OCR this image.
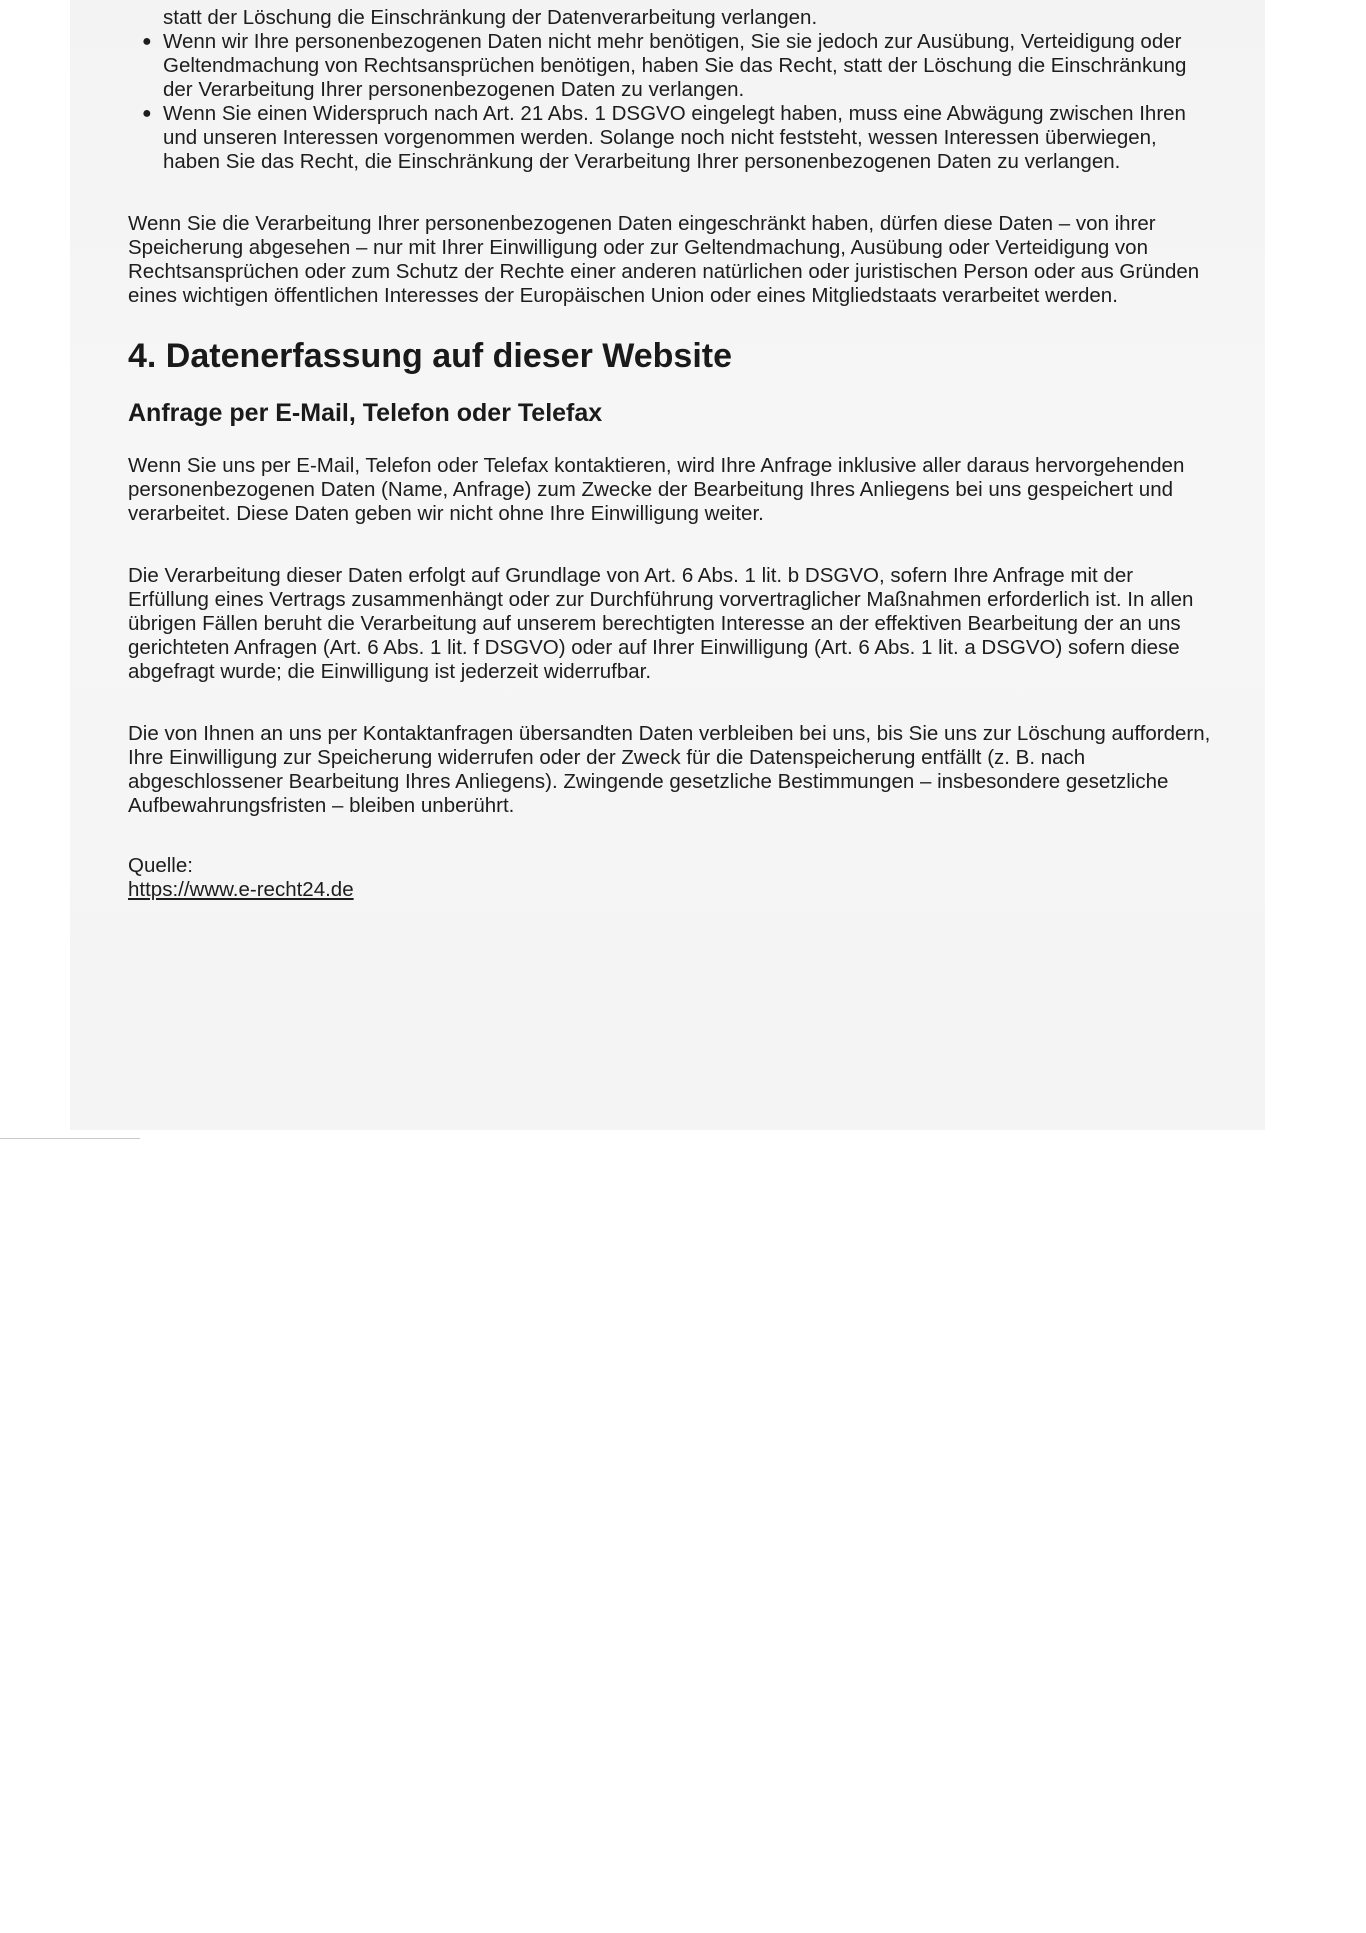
statt der Löschung die Einschränkung der Datenverarbeitung verlangen.

● Wenn wir Ihre personenbezogenen Daten nicht mehr benötigen, Sie sie jedoch zur Ausübung, Verteidigung oder Geltendmachung von Rechtsansprüchen benötigen, haben Sie das Recht, statt der Löschung die Einschränkung der Verarbeitung Ihrer personenbezogenen Daten zu verlangen.
● Wenn Sie einen Widerspruch nach Art. 21 Abs. 1 DSGVO eingelegt haben, muss eine Abwägung zwischen Ihren und unseren Interessen vorgenommen werden. Solange noch nicht feststeht, wessen Interessen überwiegen, haben Sie das Recht, die Einschränkung der Verarbeitung Ihrer personenbezogenen Daten zu verlangen.

Wenn Sie die Verarbeitung Ihrer personenbezogenen Daten eingeschränkt haben, dürfen diese Daten – von ihrer Speicherung abgesehen – nur mit Ihrer Einwilligung oder zur Geltendmachung, Ausübung oder Verteidigung von Rechtsansprüchen oder zum Schutz der Rechte einer anderen natürlichen oder juristischen Person oder aus Gründen eines wichtigen öffentlichen Interesses der Europäischen Union oder eines Mitgliedstaats verarbeitet werden.

4. Datenerfassung auf dieser Website
Anfrage per E-Mail, Telefon oder Telefax

Wenn Sie uns per E-Mail, Telefon oder Telefax kontaktieren, wird Ihre Anfrage inklusive aller daraus hervorgehenden personenbezogenen Daten (Name, Anfrage) zum Zwecke der Bearbeitung Ihres Anliegens bei uns gespeichert und verarbeitet. Diese Daten geben wir nicht ohne Ihre Einwilligung weiter.

Die Verarbeitung dieser Daten erfolgt auf Grundlage von Art. 6 Abs. 1 lit. b DSGVO, sofern Ihre Anfrage mit der Erfüllung eines Vertrags zusammenhängt oder zur Durchführung vorvertraglicher Maßnahmen erforderlich ist. In allen übrigen Fällen beruht die Verarbeitung auf unserem berechtigten Interesse an der effektiven Bearbeitung der an uns gerichteten Anfragen (Art. 6 Abs. 1 lit. f DSGVO) oder auf Ihrer Einwilligung (Art. 6 Abs. 1 lit. a DSGVO) sofern diese abgefragt wurde; die Einwilligung ist jederzeit widerrufbar.

Die von Ihnen an uns per Kontaktanfragen übersandten Daten verbleiben bei uns, bis Sie uns zur Löschung auffordern, Ihre Einwilligung zur Speicherung widerrufen oder der Zweck für die Datenspeicherung entfällt (z. B. nach abgeschlossener Bearbeitung Ihres Anliegens). Zwingende gesetzliche Bestimmungen – insbesondere gesetzliche Aufbewahrungsfristen – bleiben unberührt.

Quelle:

https://www.e-recht24.de
